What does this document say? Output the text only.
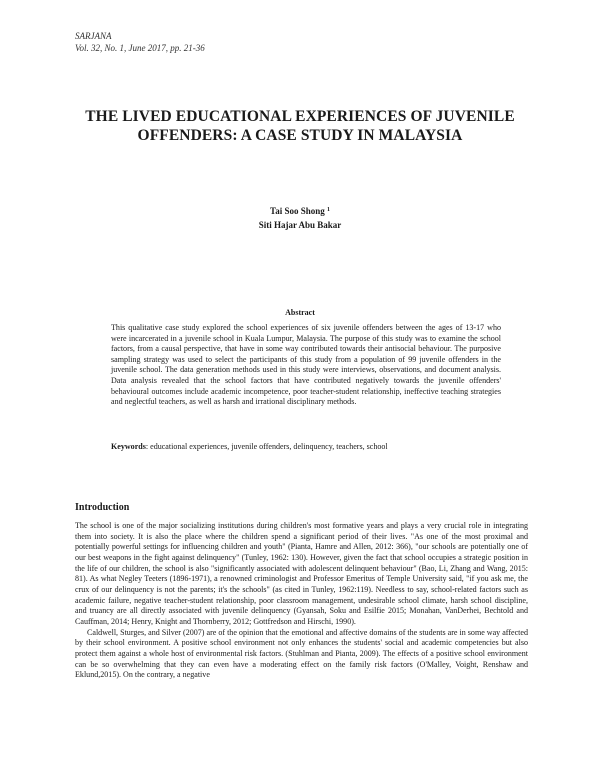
SARJANA
Vol. 32, No. 1, June 2017, pp. 21-36
THE LIVED EDUCATIONAL EXPERIENCES OF JUVENILE
OFFENDERS: A CASE STUDY IN MALAYSIA
Tai Soo Shong $^1$
Siti Hajar Abu Bakar
Abstract
This qualitative case study explored the school experiences of six juvenile offenders between the ages of 13-17 who were incarcerated in a juvenile school in Kuala Lumpur, Malaysia. The purpose of this study was to examine the school factors, from a causal perspective, that have in some way contributed towards their antisocial behaviour. The purposive sampling strategy was used to select the participants of this study from a population of 99 juvenile offenders in the juvenile school. The data generation methods used in this study were interviews, observations, and document analysis. Data analysis revealed that the school factors that have contributed negatively towards the juvenile offenders' behavioural outcomes include academic incompetence, poor teacher-student relationship, ineffective teaching strategies and neglectful teachers, as well as harsh and irrational disciplinary methods.
Keywords: educational experiences, juvenile offenders, delinquency, teachers, school
Introduction

The school is one of the major socializing institutions during children's most formative years and plays a very crucial role in integrating them into society. It is also the place where the children spend a significant period of their lives. "As one of the most proximal and potentially powerful settings for influencing children and youth" (Pianta, Hamre and Allen, 2012: 366), "our schools are potentially one of our best weapons in the fight against delinquency" (Tunley, 1962: 130). However, given the fact that school occupies a strategic position in the life of our children, the school is also "significantly associated with adolescent delinquent behaviour" (Bao, Li, Zhang and Wang, 2015: 81). As what Negley Teeters (1896-1971), a renowned criminologist and Professor Emeritus of Temple University said, "if you ask me, the crux of our delinquency is not the parents; it's the schools" (as cited in Tunley, 1962:119). Needless to say, school-related factors such as academic failure, negative teacher-student relationship, poor classroom management, undesirable school climate, harsh school discipline, and truancy are all directly associated with juvenile delinquency (Gyansah, Soku and Esilfie 2015; Monahan, VanDerhei, Bechtold and Cauffman, 2014; Henry, Knight and Thornberry, 2012; Gottfredson and Hirschi, 1990).

Caldwell, Sturges, and Silver (2007) are of the opinion that the emotional and affective domains of the students are in some way affected by their school environment. A positive school environment not only enhances the students' social and academic competencies but also protect them against a whole host of environmental risk factors. (Stuhlman and Pianta, 2009). The effects of a positive school environment can be so overwhelming that they can even have a moderating effect on the family risk factors (O'Malley, Voight, Renshaw and Eklund,2015). On the contrary, a negative
